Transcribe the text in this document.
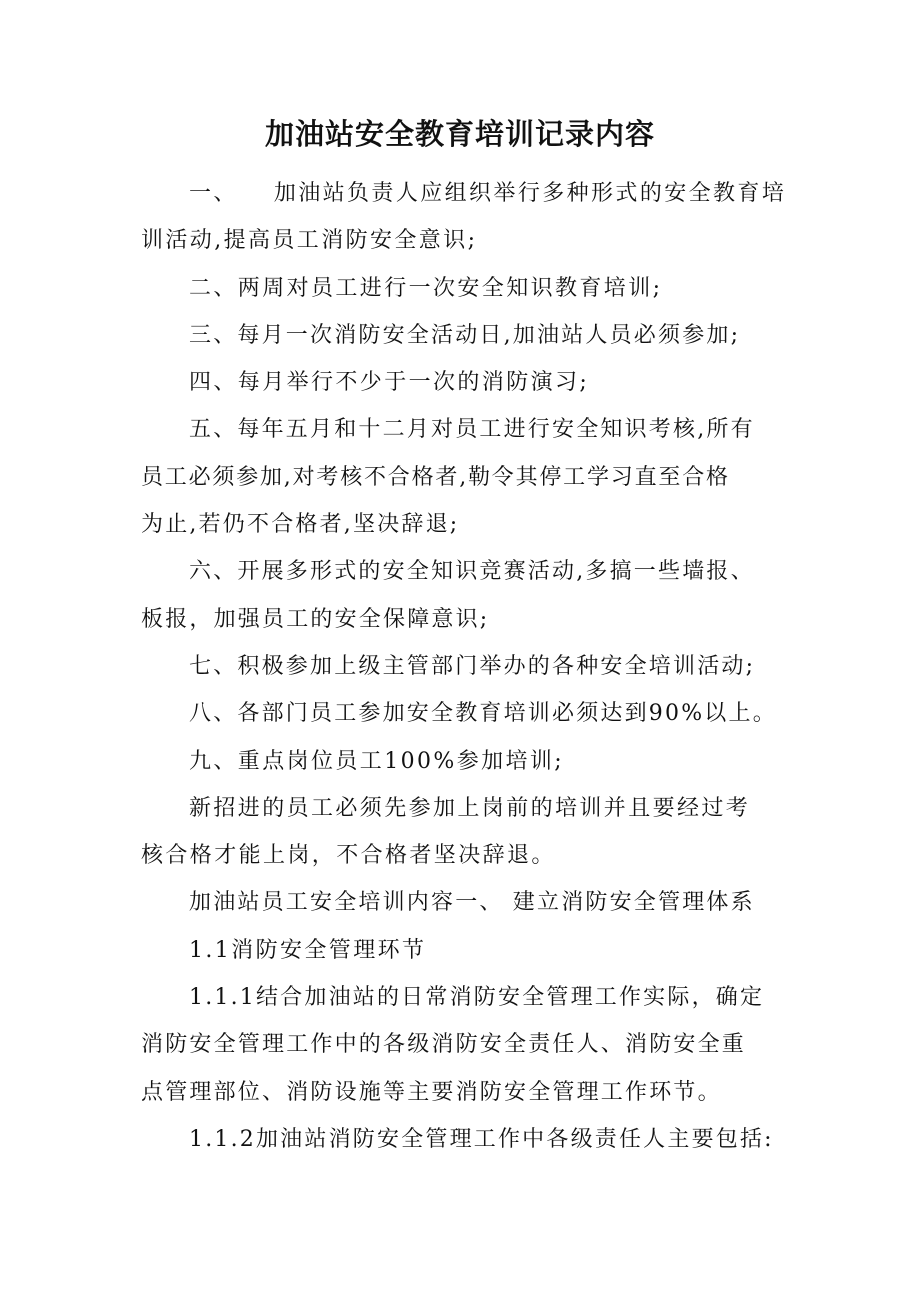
加油站安全教育培训记录内容

一、 加油站负责人应组织举行多种形式的安全教育培训活动,提高员工消防安全意识;

二、两周对员工进行一次安全知识教育培训;

三、每月一次消防安全活动日,加油站人员必须参加;

四、每月举行不少于一次的消防演习;

五、每年五月和十二月对员工进行安全知识考核,所有
员工必须参加,对考核不合格者,勒令其停工学习直至合格
为止,若仍不合格者,坚决辞退;

六、开展多形式的安全知识竞赛活动,多搞一些墙报、
板报，加强员工的安全保障意识;

七、积极参加上级主管部门举办的各种安全培训活动;

八、各部门员工参加安全教育培训必须达到90%以上。

九、重点岗位员工100%参加培训;

新招进的员工必须先参加上岗前的培训并且要经过考
核合格才能上岗，不合格者坚决辞退。

加油站员工安全培训内容一、 建立消防安全管理体系

1.1消防安全管理环节

1.1.1结合加油站的日常消防安全管理工作实际，确定
消防安全管理工作中的各级消防安全责任人、消防安全重
点管理部位、消防设施等主要消防安全管理工作环节。

1.1.2加油站消防安全管理工作中各级责任人主要包括:
